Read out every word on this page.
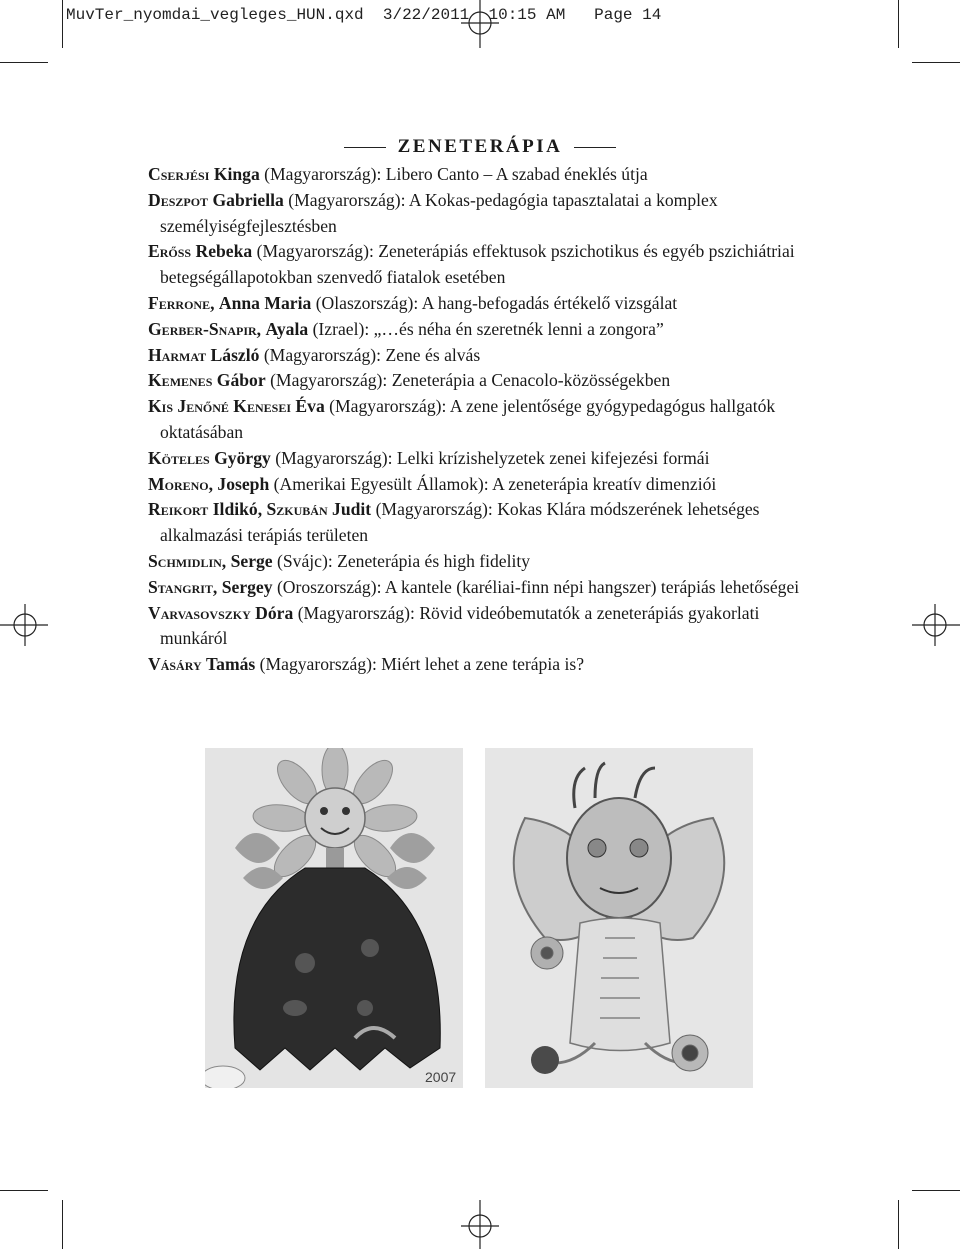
MuvTer_nyomdai_vegleges_HUN.qxd 3/22/2011 10:15 AM Page 14
ZENETERÁPIA

Cserjési Kinga (Magyarország): Libero Canto – A szabad éneklés útja

Deszpot Gabriella (Magyarország): A Kokas-pedagógia tapasztalatai a komplex személyiségfejlesztésben

Erőss Rebeka (Magyarország): Zeneterápiás effektusok pszichotikus és egyéb pszichiátriai betegségállapotokban szenvedő fiatalok esetében

Ferrone, Anna Maria (Olaszország): A hang-befogadás értékelő vizsgálat

Gerber-Snapir, Ayala (Izrael): „…és néha én szeretnék lenni a zongora”

Harmat László (Magyarország): Zene és alvás

Kemenes Gábor (Magyarország): Zeneterápia a Cenacolo-közösségekben

Kis Jenőné Kenesei Éva (Magyarország): A zene jelentősége gyógypedagógus hallgatók oktatásában

Köteles György (Magyarország): Lelki krízishelyzetek zenei kifejezési formái

Moreno, Joseph (Amerikai Egyesült Államok): A zeneterápia kreatív dimenziói

Reikort Ildikó, Szkubán Judit (Magyarország): Kokas Klára módszerének lehetséges alkalmazási terápiás területen

Schmidlin, Serge (Svájc): Zeneterápia és high fidelity

Stangrit, Sergey (Oroszország): A kantele (karéliai-finn népi hangszer) terápiás lehetőségei

Varvasovszky Dóra (Magyarország): Rövid videóbemutatók a zeneterápiás gyakorlati munkáról

Vásáry Tamás (Magyarország): Miért lehet a zene terápia is?

2007
